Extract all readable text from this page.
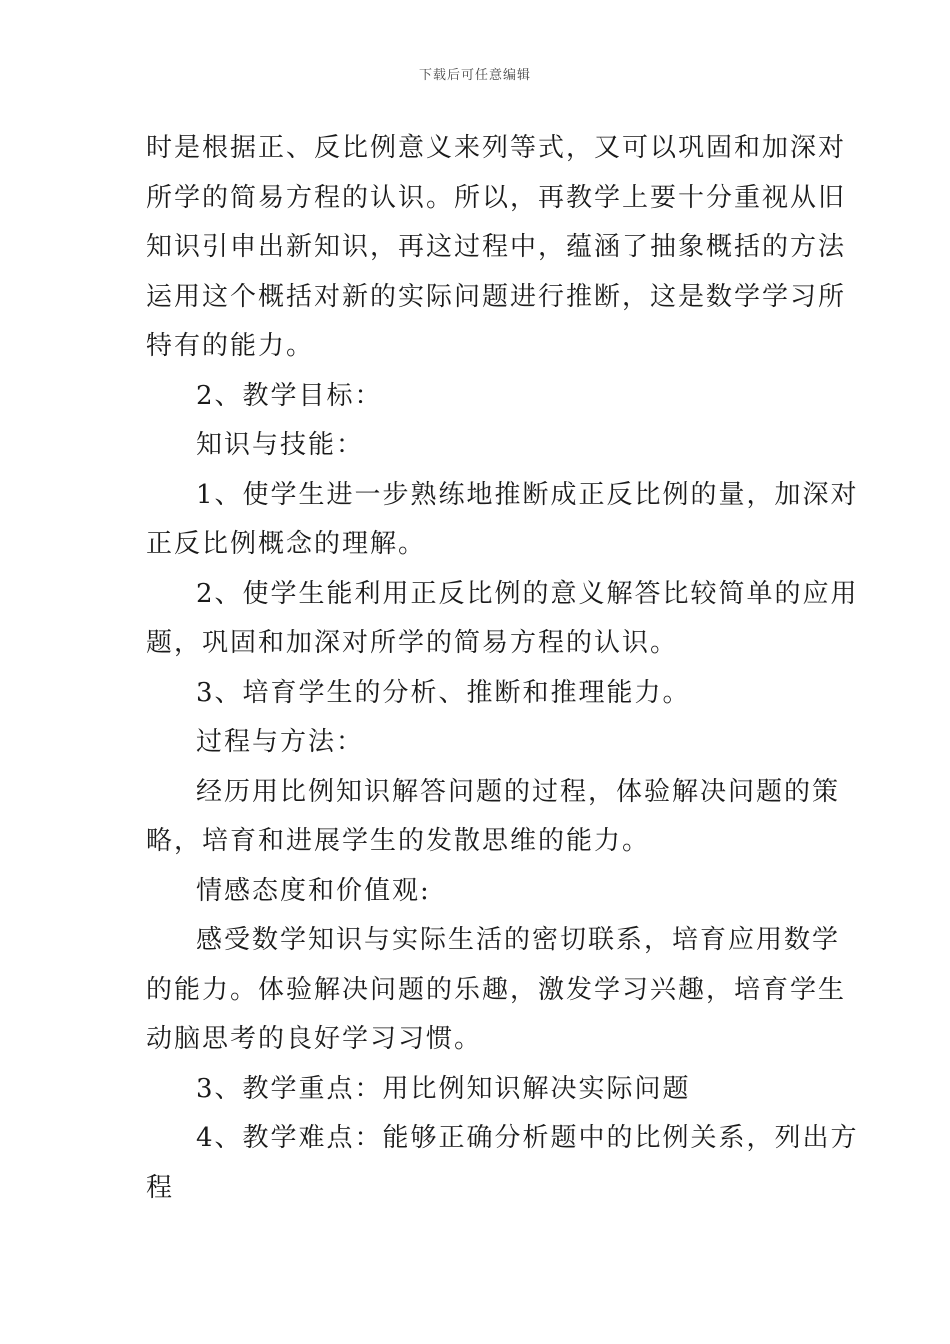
下载后可任意编辑

时是根据正、反比例意义来列等式，又可以巩固和加深对

所学的简易方程的认识。所以，再教学上要十分重视从旧

知识引申出新知识，再这过程中，蕴涵了抽象概括的方法

运用这个概括对新的实际问题进行推断，这是数学学习所

特有的能力。

2、教学目标：

知识与技能：

1、使学生进一步熟练地推断成正反比例的量，加深对

正反比例概念的理解。

2、使学生能利用正反比例的意义解答比较简单的应用

题，巩固和加深对所学的简易方程的认识。

3、培育学生的分析、推断和推理能力。

过程与方法：

经历用比例知识解答问题的过程，体验解决问题的策

略，培育和进展学生的发散思维的能力。

情感态度和价值观:

感受数学知识与实际生活的密切联系，培育应用数学

的能力。体验解决问题的乐趣，激发学习兴趣，培育学生

动脑思考的良好学习习惯。

3、教学重点：用比例知识解决实际问题

4、教学难点：能够正确分析题中的比例关系，列出方

程
